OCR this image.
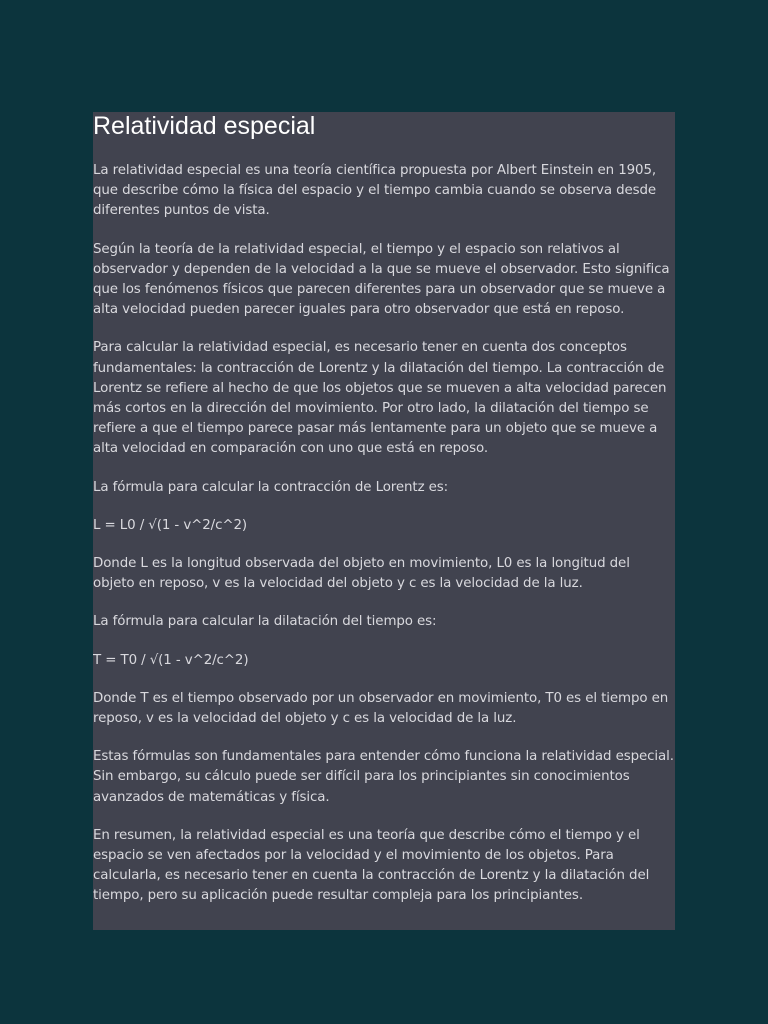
Relatividad especial

La relatividad especial es una teoría científica propuesta por Albert Einstein en 1905, que describe cómo la física del espacio y el tiempo cambia cuando se observa desde diferentes puntos de vista.

Según la teoría de la relatividad especial, el tiempo y el espacio son relativos al observador y dependen de la velocidad a la que se mueve el observador. Esto significa que los fenómenos físicos que parecen diferentes para un observador que se mueve a alta velocidad pueden parecer iguales para otro observador que está en reposo.

Para calcular la relatividad especial, es necesario tener en cuenta dos conceptos fundamentales: la contracción de Lorentz y la dilatación del tiempo. La contracción de Lorentz se refiere al hecho de que los objetos que se mueven a alta velocidad parecen más cortos en la dirección del movimiento. Por otro lado, la dilatación del tiempo se refiere a que el tiempo parece pasar más lentamente para un objeto que se mueve a alta velocidad en comparación con uno que está en reposo.

La fórmula para calcular la contracción de Lorentz es:

L = L0 / √(1 - v^2/c^2)

Donde L es la longitud observada del objeto en movimiento, L0 es la longitud del objeto en reposo, v es la velocidad del objeto y c es la velocidad de la luz.

La fórmula para calcular la dilatación del tiempo es:

T = T0 / √(1 - v^2/c^2)

Donde T es el tiempo observado por un observador en movimiento, T0 es el tiempo en reposo, v es la velocidad del objeto y c es la velocidad de la luz.

Estas fórmulas son fundamentales para entender cómo funciona la relatividad especial. Sin embargo, su cálculo puede ser difícil para los principiantes sin conocimientos avanzados de matemáticas y física.

En resumen, la relatividad especial es una teoría que describe cómo el tiempo y el espacio se ven afectados por la velocidad y el movimiento de los objetos. Para calcularla, es necesario tener en cuenta la contracción de Lorentz y la dilatación del tiempo, pero su aplicación puede resultar compleja para los principiantes.
